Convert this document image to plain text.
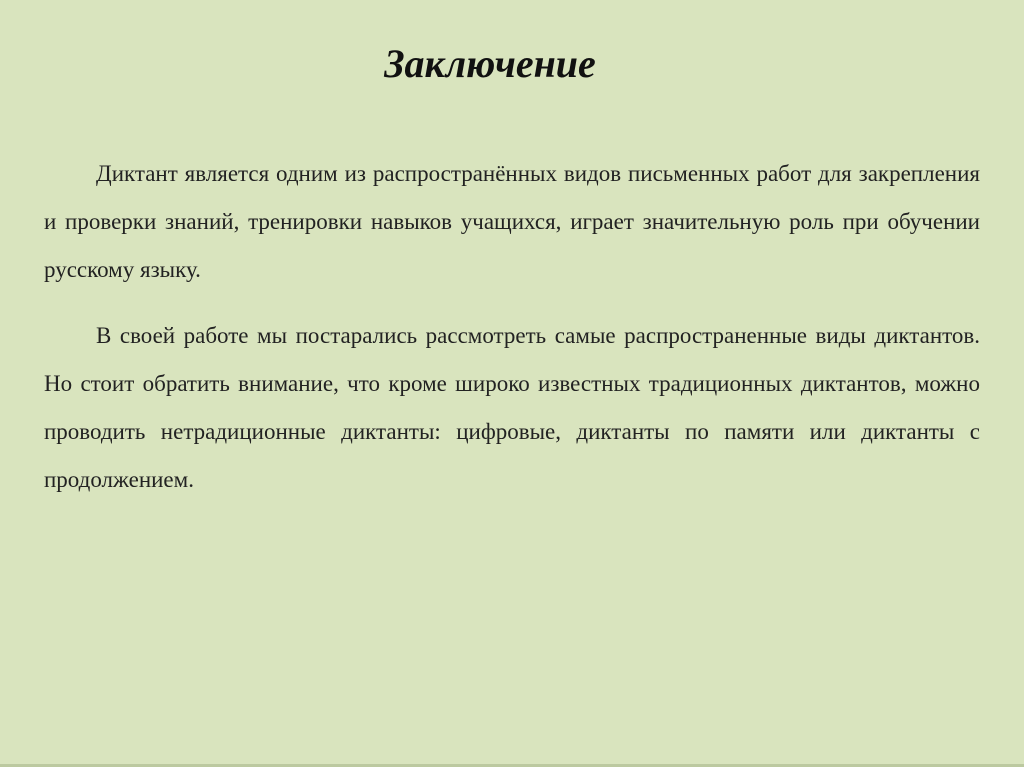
Заключение

Диктант является одним из распространённых видов письменных работ для закрепления и проверки знаний, тренировки навыков учащихся, играет значительную роль при обучении русскому языку.

В своей работе мы постарались рассмотреть самые распространенные виды диктантов. Но стоит обратить внимание, что кроме широко известных традиционных диктантов, можно проводить нетрадиционные диктанты: цифровые, диктанты по памяти или диктанты с продолжением.
